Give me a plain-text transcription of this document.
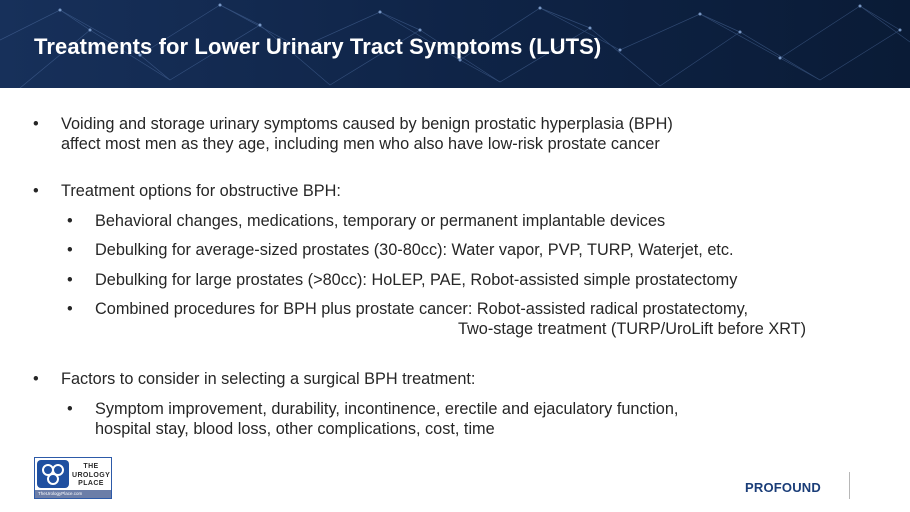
Treatments for Lower Urinary Tract Symptoms (LUTS)
• Voiding and storage urinary symptoms caused by benign prostatic hyperplasia (BPH)
affect most men as they age, including men who also have low-risk prostate cancer
• Treatment options for obstructive BPH:
• Behavioral changes, medications, temporary or permanent implantable devices
• Debulking for average-sized prostates (30-80cc): Water vapor, PVP, TURP, Waterjet, etc.
• Debulking for large prostates (>80cc): HoLEP, PAE, Robot-assisted simple prostatectomy
• Combined procedures for BPH plus prostate cancer: Robot-assisted radical prostatectomy,
Two-stage treatment (TURP/UroLift before XRT)
• Factors to consider in selecting a surgical BPH treatment:
• Symptom improvement, durability, incontinence, erectile and ejaculatory function,
hospital stay, blood loss, other complications, cost, time
THE
UROLOGY
PLACE
TheUrologyPlace.com	PROFOUND
